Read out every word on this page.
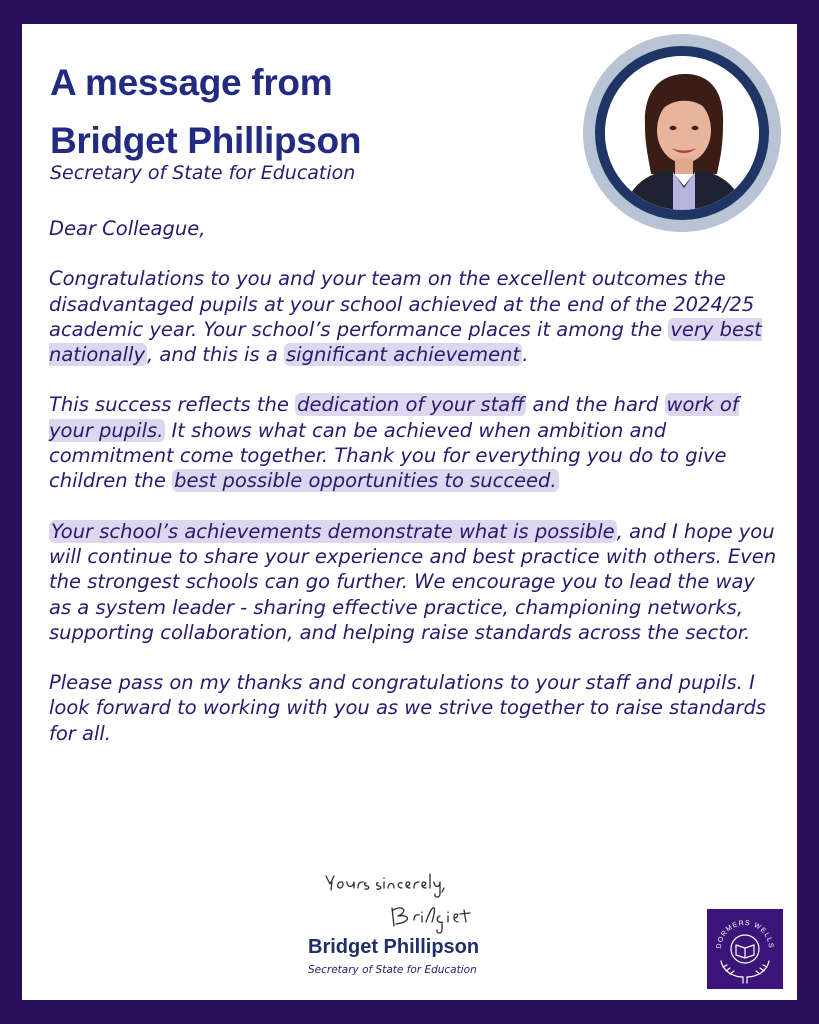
A message from
Bridget Phillipson
Secretary of State for Education

Dear Colleague,

Congratulations to you and your team on the excellent outcomes the disadvantaged pupils at your school achieved at the end of the 2024/25 academic year. Your school’s performance places it among the very best nationally , and this is a significant achievement .

This success reflects the dedication of your staff and the hard work of your pupils. It shows what can be achieved when ambition and commitment come together. Thank you for everything you do to give children the best possible opportunities to succeed.

Your school’s achievements demonstrate what is possible , and I hope you will continue to share your experience and best practice with others. Even the strongest schools can go further. We encourage you to lead the way as a system leader - sharing effective practice, championing networks, supporting collaboration, and helping raise standards across the sector.

Please pass on my thanks and congratulations to your staff and pupils. I look forward to working with you as we strive together to raise standards for all.

Bridget Phillipson
Secretary of State for Education
DORMERS WELLS
